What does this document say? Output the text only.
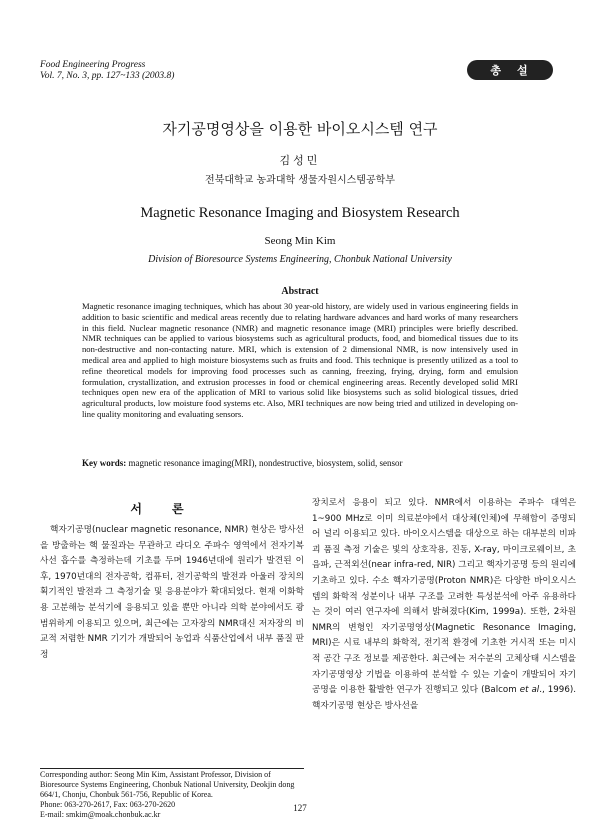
Food Engineering Progress
Vol. 7, No. 3, pp. 127~133 (2003.8)	총설
자기공명영상을 이용한 바이오시스템 연구
김성민
전북대학교 농과대학 생물자원시스템공학부
Magnetic Resonance Imaging and Biosystem Research
Seong Min Kim
Division of Bioresource Systems Engineering, Chonbuk National University
Abstract
Magnetic resonance imaging techniques, which has about 30 year-old history, are widely used in various engineering fields in addition to basic scientific and medical areas recently due to relating hardware advances and hard works of many researchers in this field. Nuclear magnetic resonance (NMR) and magnetic resonance image (MRI) principles were briefly described. NMR techniques can be applied to various biosystems such as agricultural products, food, and biomedical tissues due to its non-destructive and non-contacting nature. MRI, which is extension of 2 dimensional NMR, is now intensively used in medical area and applied to high moisture biosystems such as fruits and food. This technique is presently utilized as a tool to refine theoretical models for improving food processes such as canning, freezing, frying, drying, form and emulsion formulation, crystallization, and extrusion processes in food or chemical engineering areas. Recently developed solid MRI techniques open new era of the application of MRI to various solid like biosystems such as solid biological tissues, dried agricultural products, low moisture food systems etc. Also, MRI techniques are now being tried and utilized in developing on-line quality monitoring and evaluating sensors.
Key words: magnetic resonance imaging(MRI), nondestructive, biosystem, solid, sensor
서론
핵자기공명(nuclear magnetic resonance, NMR) 현상은 방사선을 방출하는 핵 물질과는 무관하고 라디오 주파수 영역에서 전자기복사선 흡수를 측정하는데 기초를 두며 1946년대에 원리가 발견된 이후, 1970년대의 전자공학, 컴퓨터, 전기공학의 발전과 아울러 장치의 획기적인 발전과 그 측정기술 및 응용분야가 확대되었다. 현재 이화학용 고분해능 분석기에 응용되고 있을 뿐만 아니라 의학 분야에서도 광범위하게 이용되고 있으며, 최근에는 고자장의 NMR대신 저자장의 비교적 저렴한 NMR 기기가 개발되어 농업과 식품산업에서 내부 품질 판정
장치로서 응용이 되고 있다. NMR에서 이용하는 주파수 대역은 1~900 MHz로 이미 의료분야에서 대상체(인체)에 무해함이 증명되어 널리 이용되고 있다. 바이오시스템을 대상으로 하는 대부분의 비파괴 품질 측정 기술은 빛의 상호작용, 진동, X-ray, 마이크로웨이브, 초음파, 근적외선(near infra-red, NIR) 그리고 핵자기공명 등의 원리에 기초하고 있다. 수소 핵자기공명(Proton NMR)은 다양한 바이오시스템의 화학적 성분이나 내부 구조를 고려한 특성분석에 아주 유용하다는 것이 여러 연구자에 의해서 밝혀졌다(Kim, 1999a). 또한, 2차원 NMR의 변형인 자기공명영상(Magnetic Resonance Imaging, MRI)은 시료 내부의 화학적, 전기적 환경에 기초한 거시적 또는 미시적 공간 구조 정보를 제공한다. 최근에는 저수분의 고체상태 시스템을 자기공명영상 기법을 이용하여 분석할 수 있는 기술이 개발되어 자기공명을 이용한 활발한 연구가 진행되고 있다 (Balcom et al., 1996). 핵자기공명 현상은 방사선을
Corresponding author: Seong Min Kim, Assistant Professor, Division of Bioresource Systems Engineering, Chonbuk National University, Deokjin dong 664/1, Chonju, Chonbuk 561-756, Republic of Korea.
Phone: 063-270-2617, Fax: 063-270-2620
E-mail: smkim@moak.chonbuk.ac.kr
127
